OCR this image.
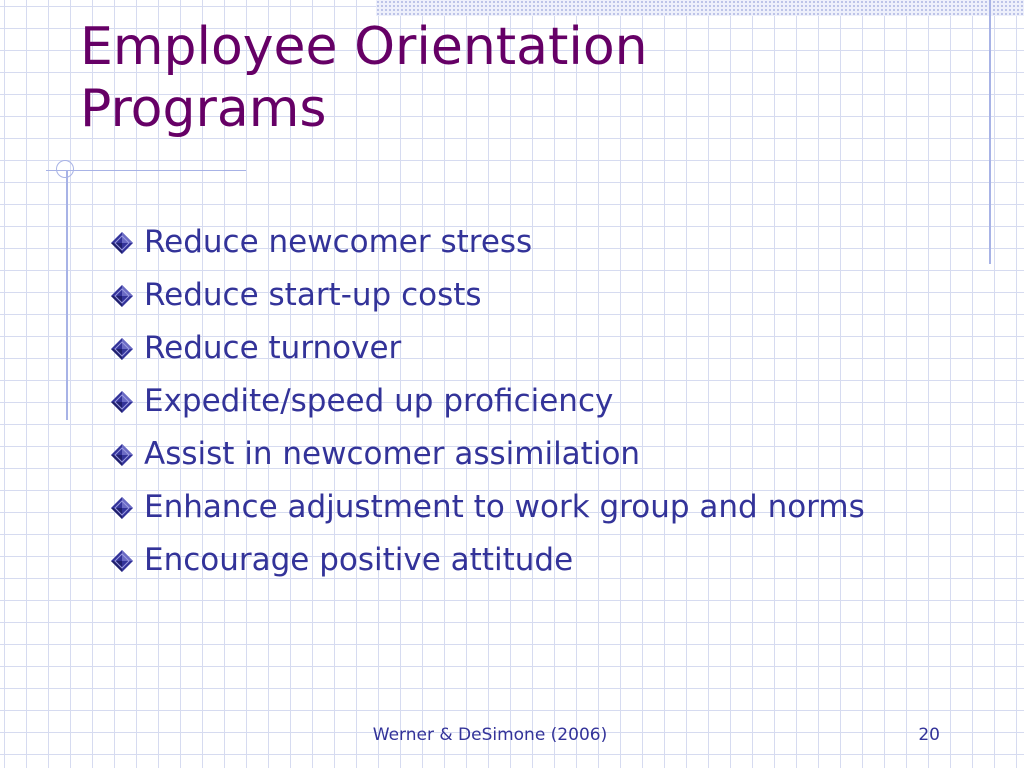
Employee Orientation Programs
Reduce newcomer stress
Reduce start-up costs
Reduce turnover
Expedite/speed up proficiency
Assist in newcomer assimilation
Enhance adjustment to work group and norms
Encourage positive attitude
Werner & DeSimone (2006)	20
